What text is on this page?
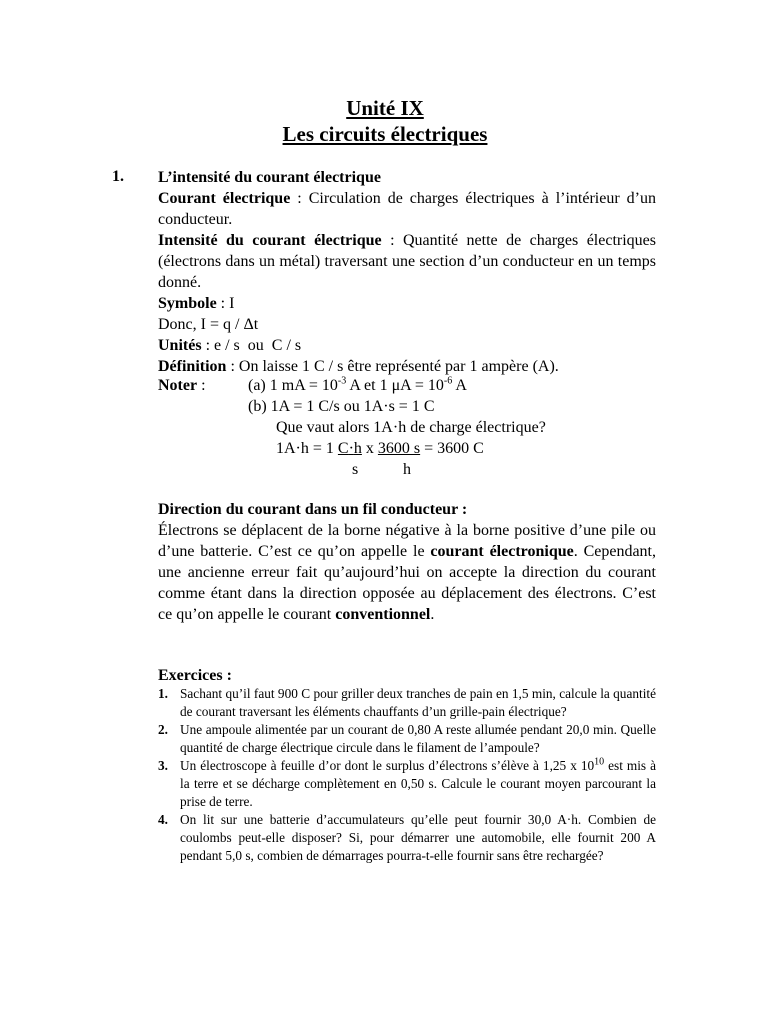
Unité IX
Les circuits électriques
1. L’intensité du courant électrique

Courant électrique : Circulation de charges électriques à l’intérieur d’un conducteur.

Intensité du courant électrique : Quantité nette de charges électriques (électrons dans un métal) traversant une section d’un conducteur en un temps donné.

Symbole : I

Donc, I = q / Δt

Unités : e / s  ou  C / s

Définition : On laisse 1 C / s être représenté par 1 ampère (A).

Noter :	(a) 1 mA = $10^{-3}$ A et 1 $\mu A = 10^{-6}$ A
(b) 1A = 1 C/s ou 1A·s = 1 C
Que vaut alors 1A·h de charge électrique?
1A·h = 1 C·h x 3600 s = 3600 C
s	h

Direction du courant dans un fil conducteur :

Électrons se déplacent de la borne négative à la borne positive d’une pile ou d’une batterie. C’est ce qu’on appelle le courant électronique. Cependant, une ancienne erreur fait qu’aujourd’hui on accepte la direction du courant comme étant dans la direction opposée au déplacement des électrons. C’est ce qu’on appelle le courant conventionnel.

Exercices :

1. Sachant qu’il faut 900 C pour griller deux tranches de pain en 1,5 min, calcule la quantité de courant traversant les éléments chauffants d’un grille-pain électrique?

2. Une ampoule alimentée par un courant de 0,80 A reste allumée pendant 20,0 min. Quelle quantité de charge électrique circule dans le filament de l’ampoule?

3. Un électroscope à feuille d’or dont le surplus d’électrons s’élève à 1,25 x $10^{10}$ est mis à la terre et se décharge complètement en 0,50 s. Calcule le courant moyen parcourant la prise de terre.

4. On lit sur une batterie d’accumulateurs qu’elle peut fournir 30,0 A·h. Combien de coulombs peut-elle disposer? Si, pour démarrer une automobile, elle fournit 200 A pendant 5,0 s, combien de démarrages pourra-t-elle fournir sans être rechargée?
